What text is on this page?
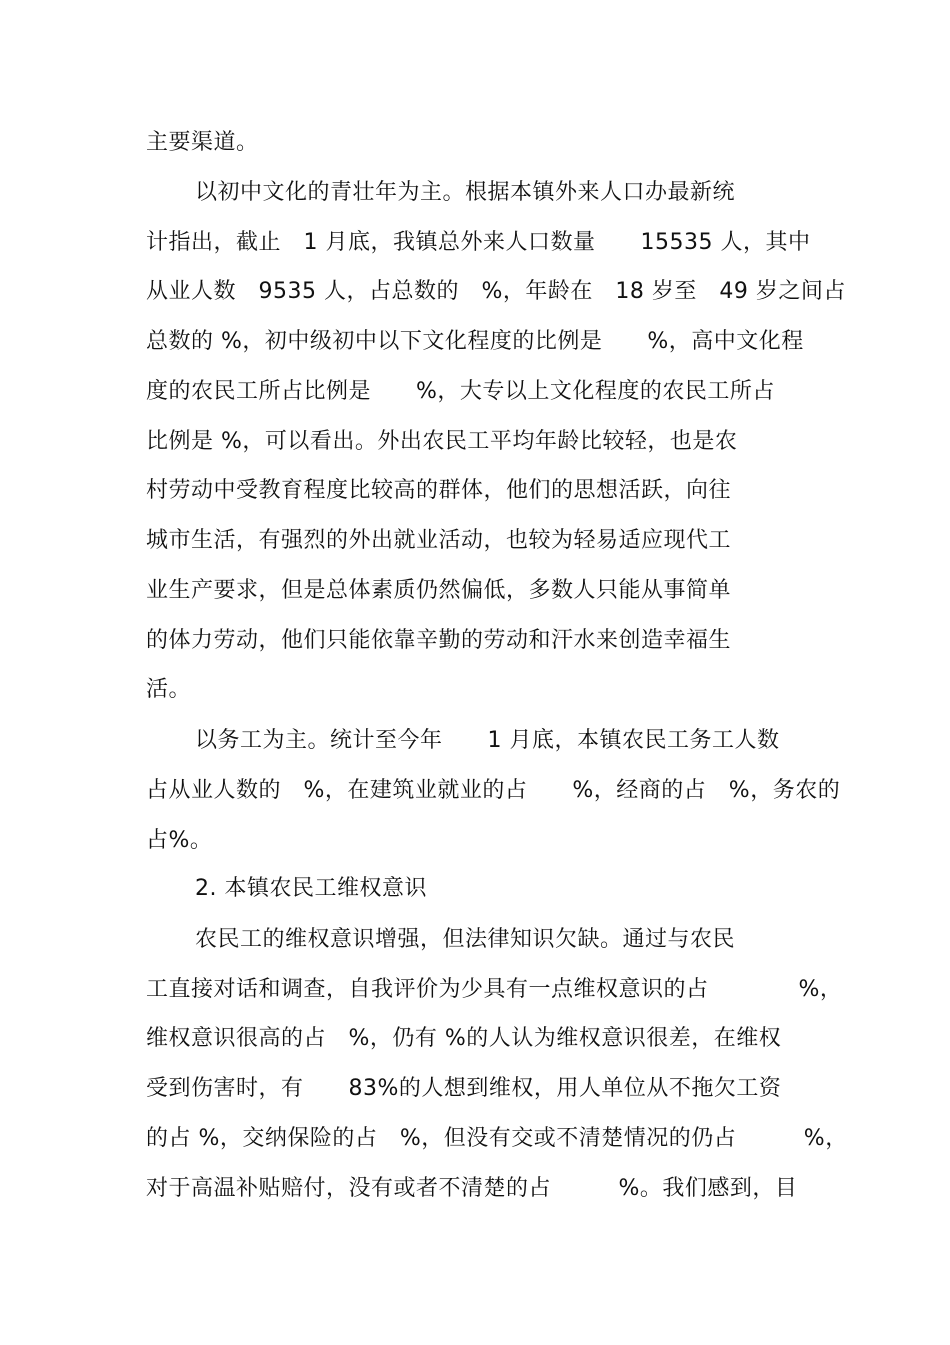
主要渠道。
以初中文化的青壮年为主。根据本镇外来人口办最新统
计指出，截止　1 月底，我镇总外来人口数量　　15535 人，其中
从业人数　9535 人，占总数的　%，年龄在　18 岁至　49 岁之间占
总数的 %，初中级初中以下文化程度的比例是　　%，高中文化程
度的农民工所占比例是　　%，大专以上文化程度的农民工所占
比例是 %，可以看出。外出农民工平均年龄比较轻，也是农
村劳动中受教育程度比较高的群体，他们的思想活跃，向往
城市生活，有强烈的外出就业活动，也较为轻易适应现代工
业生产要求，但是总体素质仍然偏低，多数人只能从事简单
的体力劳动，他们只能依靠辛勤的劳动和汗水来创造幸福生
活。
以务工为主。统计至今年　　1 月底，本镇农民工务工人数
占从业人数的　%，在建筑业就业的占　　%，经商的占　%，务农的
占%。
2. 本镇农民工维权意识
农民工的维权意识增强，但法律知识欠缺。通过与农民
工直接对话和调查，自我评价为少具有一点维权意识的占　　　　%，
维权意识很高的占　%，仍有 %的人认为维权意识很差，在维权
受到伤害时，有　　83%的人想到维权，用人单位从不拖欠工资
的占 %，交纳保险的占　%，但没有交或不清楚情况的仍占　　　%，
对于高温补贴赔付，没有或者不清楚的占　　　%。我们感到，目
